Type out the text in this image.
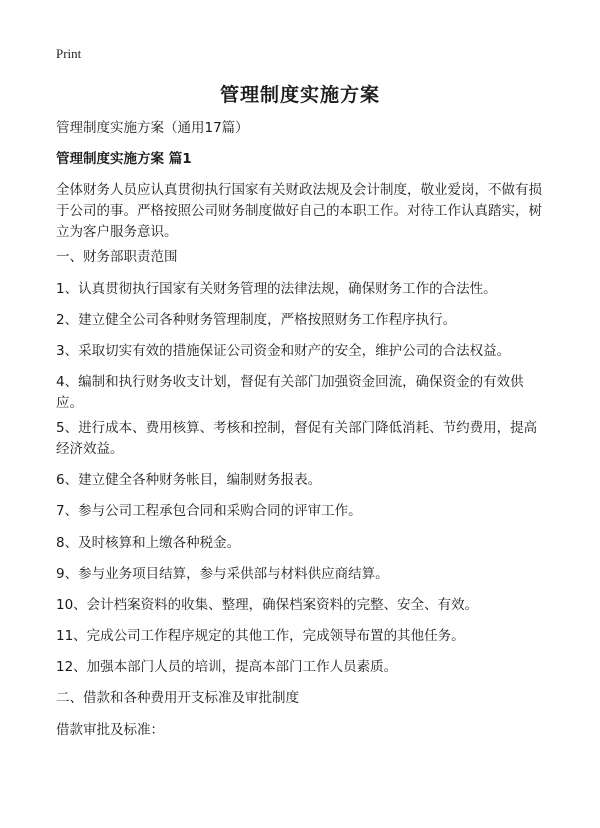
Print
管理制度实施方案

管理制度实施方案（通用17篇）

管理制度实施方案 篇1

全体财务人员应认真贯彻执行国家有关财政法规及会计制度，敬业爱岗，不做有损于公司的事。严格按照公司财务制度做好自己的本职工作。对待工作认真踏实，树立为客户服务意识。

一、财务部职责范围

1、认真贯彻执行国家有关财务管理的法律法规，确保财务工作的合法性。

2、建立健全公司各种财务管理制度，严格按照财务工作程序执行。

3、采取切实有效的措施保证公司资金和财产的安全，维护公司的合法权益。

4、编制和执行财务收支计划，督促有关部门加强资金回流，确保资金的有效供应。

5、进行成本、费用核算、考核和控制，督促有关部门降低消耗、节约费用，提高经济效益。

6、建立健全各种财务帐目，编制财务报表。

7、参与公司工程承包合同和采购合同的评审工作。

8、及时核算和上缴各种税金。

9、参与业务项目结算，参与采供部与材料供应商结算。

10、会计档案资料的收集、整理，确保档案资料的完整、安全、有效。

11、完成公司工作程序规定的其他工作，完成领导布置的其他任务。

12、加强本部门人员的培训，提高本部门工作人员素质。

二、借款和各种费用开支标准及审批制度

借款审批及标准：
